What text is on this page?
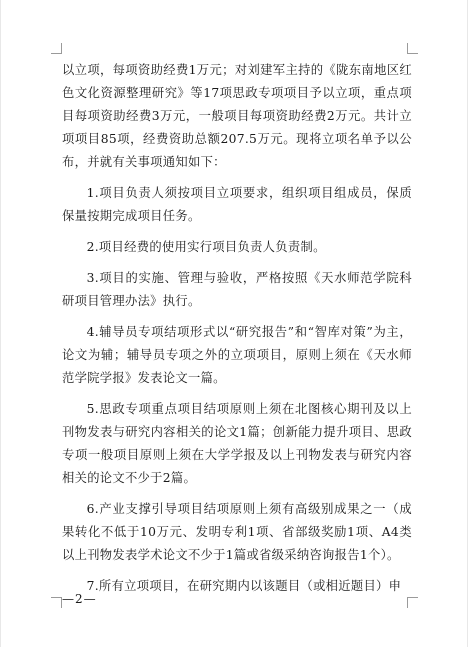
以立项，每项资助经费1万元；对刘建军主持的《陇东南地区红色文化资源整理研究》等17项思政专项项目予以立项，重点项目每项资助经费3万元，一般项目每项资助经费2万元。共计立项项目85项，经费资助总额207.5万元。现将立项名单予以公布，并就有关事项通知如下：

1.项目负责人须按项目立项要求，组织项目组成员，保质保量按期完成项目任务。

2.项目经费的使用实行项目负责人负责制。

3.项目的实施、管理与验收，严格按照《天水师范学院科研项目管理办法》执行。

4.辅导员专项结项形式以“研究报告”和“智库对策”为主，论文为辅；辅导员专项之外的立项项目，原则上须在《天水师范学院学报》发表论文一篇。

5.思政专项重点项目结项原则上须在北图核心期刊及以上刊物发表与研究内容相关的论文1篇；创新能力提升项目、思政专项一般项目原则上须在大学学报及以上刊物发表与研究内容相关的论文不少于2篇。

6.产业支撑引导项目结项原则上须有高级别成果之一（成果转化不低于10万元、发明专利1项、省部级奖励1项、A4类以上刊物发表学术论文不少于1篇或省级采纳咨询报告1个）。

7.所有立项项目，在研究期内以该题目（或相近题目）申

—2—
